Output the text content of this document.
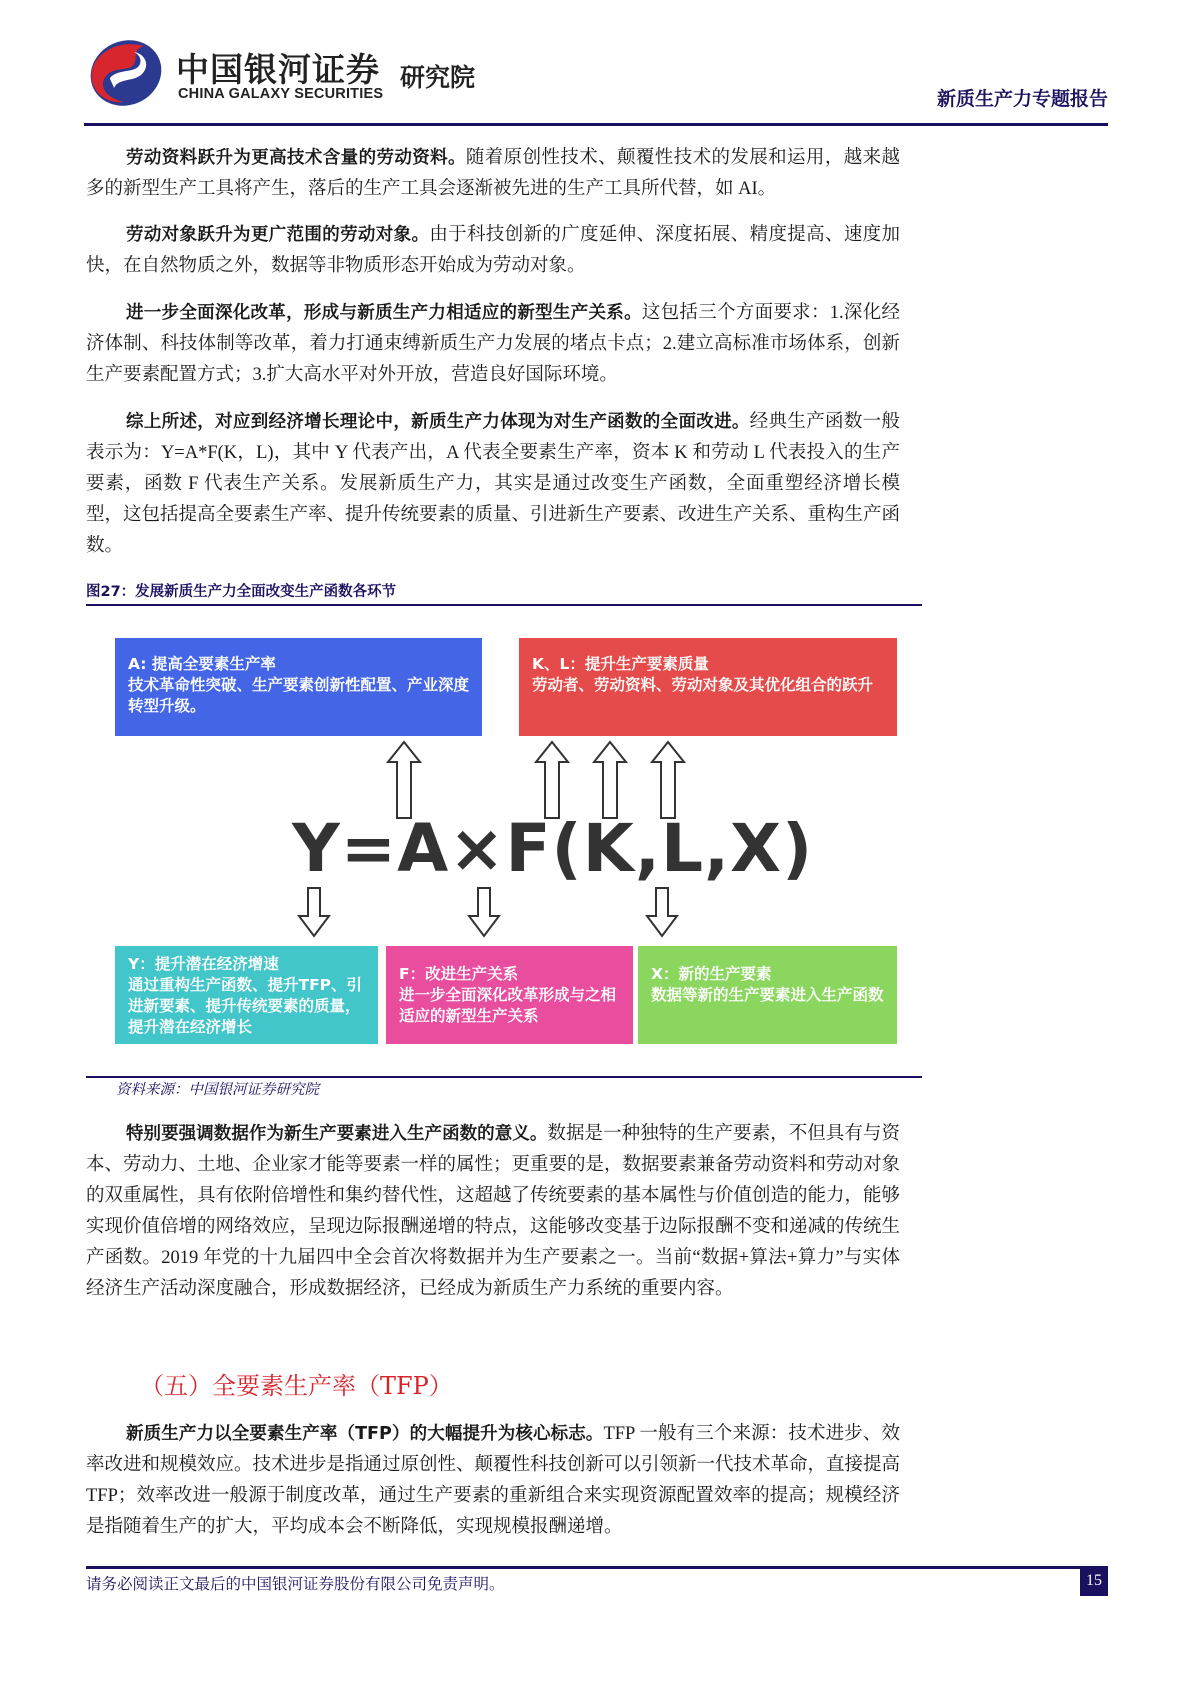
中国银河证券
CHINA GALAXY SECURITIES
研究院
新质生产力专题报告

劳动资料跃升为更高技术含量的劳动资料。随着原创性技术、颠覆性技术的发展和运用，越来越多的新型生产工具将产生，落后的生产工具会逐渐被先进的生产工具所代替，如 AI。

劳动对象跃升为更广范围的劳动对象。由于科技创新的广度延伸、深度拓展、精度提高、速度加快，在自然物质之外，数据等非物质形态开始成为劳动对象。

进一步全面深化改革，形成与新质生产力相适应的新型生产关系。这包括三个方面要求：1.深化经济体制、科技体制等改革，着力打通束缚新质生产力发展的堵点卡点；2.建立高标准市场体系，创新生产要素配置方式；3.扩大高水平对外开放，营造良好国际环境。

综上所述，对应到经济增长理论中，新质生产力体现为对生产函数的全面改进。经典生产函数一般表示为：Y=A*F(K，L)，其中 Y 代表产出，A 代表全要素生产率，资本 K 和劳动 L 代表投入的生产要素，函数 F 代表生产关系。发展新质生产力，其实是通过改变生产函数，全面重塑经济增长模型，这包括提高全要素生产率、提升传统要素的质量、引进新生产要素、改进生产关系、重构生产函数。

图27：发展新质生产力全面改变生产函数各环节
A: 提高全要素生产率
技术革命性突破、生产要素创新性配置、产业深度转型升级。
K、L：提升生产要素质量
劳动者、劳动资料、劳动对象及其优化组合的跃升
Y=A×F(K,L,X)
Y：提升潜在经济增速
通过重构生产函数、提升TFP、引进新要素、提升传统要素的质量，提升潜在经济增长
F：改进生产关系
进一步全面深化改革形成与之相适应的新型生产关系
X：新的生产要素
数据等新的生产要素进入生产函数
资料来源：中国银河证券研究院

特别要强调数据作为新生产要素进入生产函数的意义。数据是一种独特的生产要素，不但具有与资本、劳动力、土地、企业家才能等要素一样的属性；更重要的是，数据要素兼备劳动资料和劳动对象的双重属性，具有依附倍增性和集约替代性，这超越了传统要素的基本属性与价值创造的能力，能够实现价值倍增的网络效应，呈现边际报酬递增的特点，这能够改变基于边际报酬不变和递减的传统生产函数。2019 年党的十九届四中全会首次将数据并为生产要素之一。当前“数据+算法+算力”与实体经济生产活动深度融合，形成数据经济，已经成为新质生产力系统的重要内容。

（五）全要素生产率（TFP）

新质生产力以全要素生产率（TFP）的大幅提升为核心标志。TFP 一般有三个来源：技术进步、效率改进和规模效应。技术进步是指通过原创性、颠覆性科技创新可以引领新一代技术革命，直接提高 TFP；效率改进一般源于制度改革，通过生产要素的重新组合来实现资源配置效率的提高；规模经济是指随着生产的扩大，平均成本会不断降低，实现规模报酬递增。

请务必阅读正文最后的中国银河证券股份有限公司免责声明。	15
